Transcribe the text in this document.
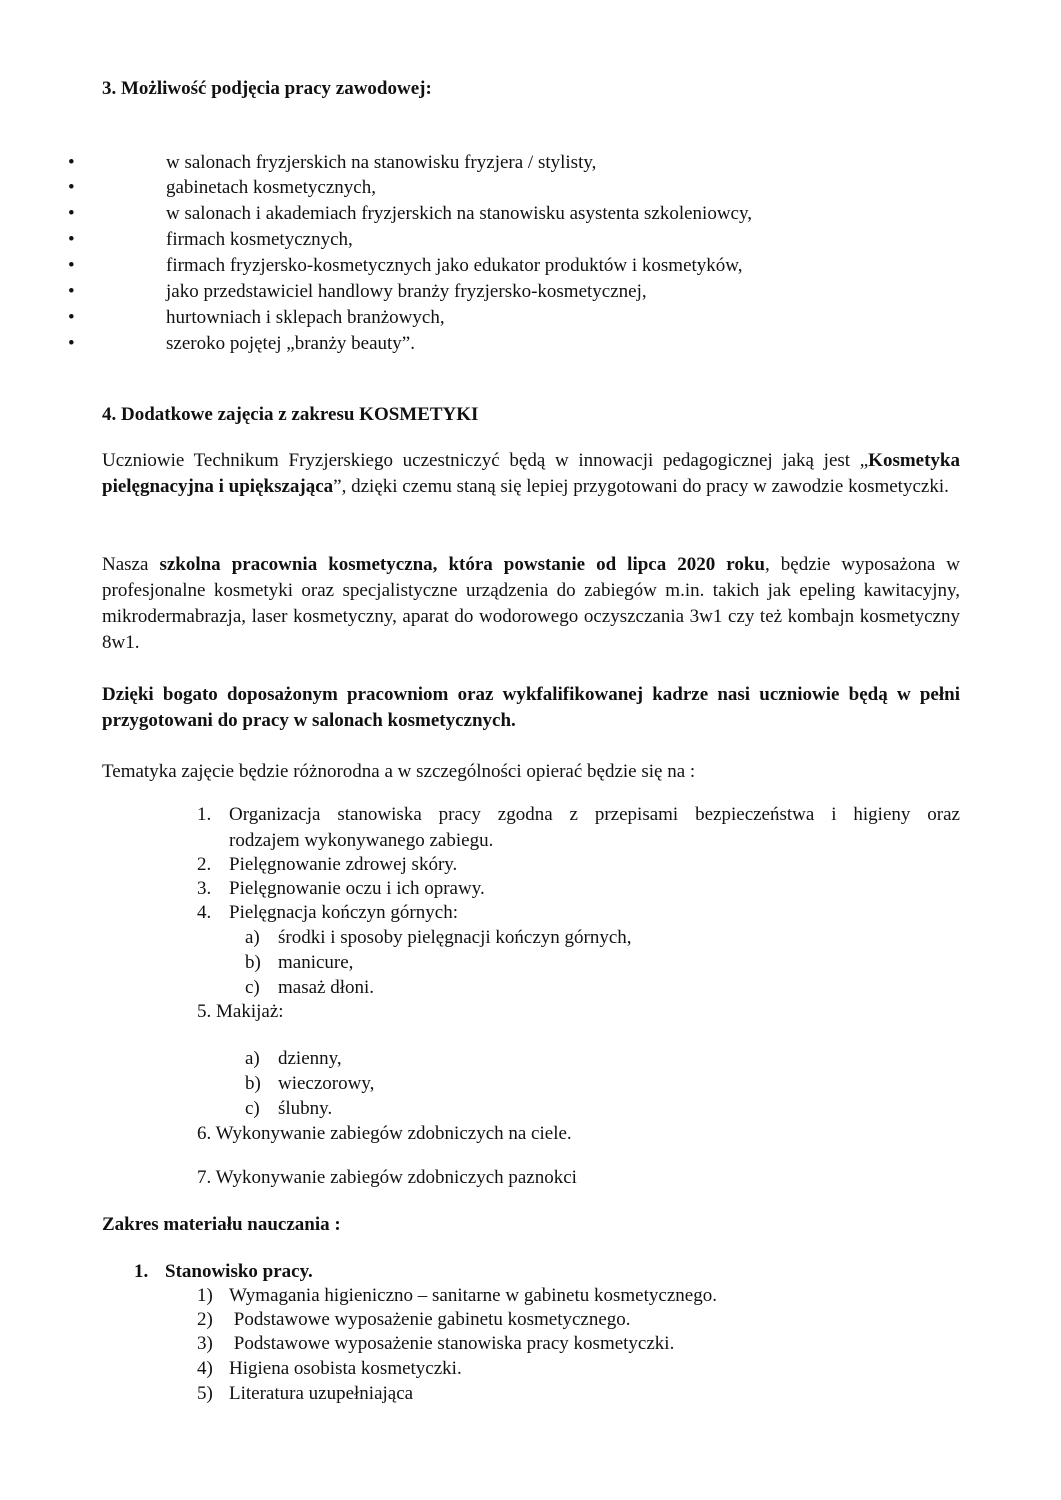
3. Możliwość podjęcia pracy zawodowej:
•	w salonach fryzjerskich na stanowisku fryzjera / stylisty,
•	gabinetach kosmetycznych,
•	w salonach i akademiach fryzjerskich na stanowisku asystenta szkoleniowcy,
•	firmach kosmetycznych,
•	firmach fryzjersko-kosmetycznych jako edukator produktów i kosmetyków,
•	jako przedstawiciel handlowy branży fryzjersko-kosmetycznej,
•	hurtowniach i sklepach branżowych,
•	szeroko pojętej „branży beauty”.
4. Dodatkowe zajęcia z zakresu KOSMETYKI

Uczniowie Technikum Fryzjerskiego uczestniczyć będą w innowacji pedagogicznej jaką jest „Kosmetyka pielęgnacyjna i upiększająca”, dzięki czemu staną się lepiej przygotowani do pracy w zawodzie kosmetyczki.

Nasza szkolna pracownia kosmetyczna, która powstanie od lipca 2020 roku, będzie wyposażona w profesjonalne kosmetyki oraz specjalistyczne urządzenia do zabiegów m.in. takich jak epeling kawitacyjny, mikrodermabrazja, laser kosmetyczny, aparat do wodorowego oczyszczania 3w1 czy też kombajn kosmetyczny 8w1.

Dzięki bogato doposażonym pracowniom oraz wykfalifikowanej kadrze nasi uczniowie będą w pełni przygotowani do pracy w salonach kosmetycznych.

Tematyka zajęcie będzie różnorodna a w szczególności opierać będzie się na :

1. Organizacja stanowiska pracy zgodna z przepisami bezpieczeństwa i higieny oraz
rodzajem wykonywanego zabiegu.
2. Pielęgnowanie zdrowej skóry.
3. Pielęgnowanie oczu i ich oprawy.
4. Pielęgnacja kończyn górnych:
a) środki i sposoby pielęgnacji kończyn górnych,
b) manicure,
c) masaż dłoni.
5. Makijaż:
a) dzienny,
b) wieczorowy,
c) ślubny.
6. Wykonywanie zabiegów zdobniczych na ciele.
7. Wykonywanie zabiegów zdobniczych paznokci
Zakres materiału nauczania :
1. Stanowisko pracy.
1) Wymagania higieniczno – sanitarne w gabinetu kosmetycznego.
2) Podstawowe wyposażenie gabinetu kosmetycznego.
3) Podstawowe wyposażenie stanowiska pracy kosmetyczki.
4) Higiena osobista kosmetyczki.
5) Literatura uzupełniająca
